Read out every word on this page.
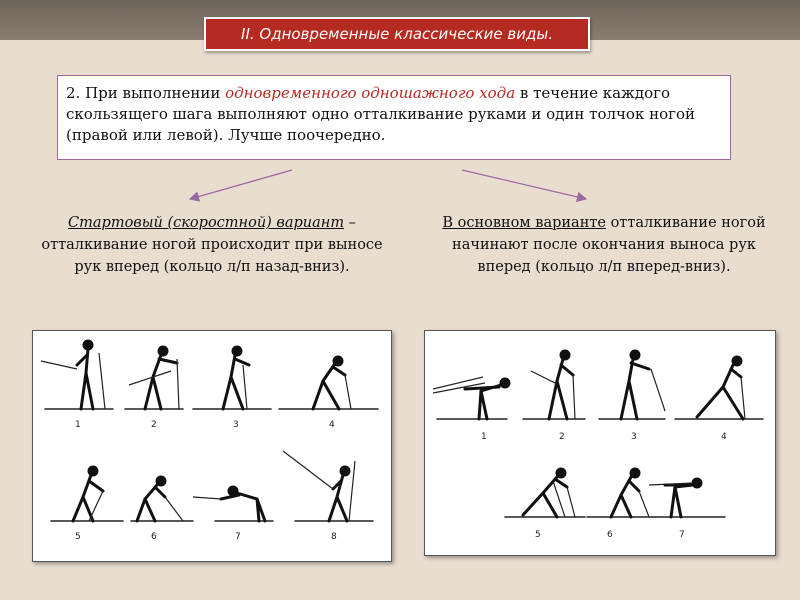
II. Одновременные классические виды.
2. При выполнении одновременного одношажного хода в течение каждого скользящего шага выполняют одно отталкивание руками и один толчок ногой (правой или левой). Лучше поочередно.
Стартовый (скоростной) вариант – отталкивание ногой происходит при выносе рук вперед (кольцо л/п назад-вниз).
В основном варианте отталкивание ногой начинают после окончания выноса рук вперед (кольцо л/п вперед-вниз).
1	2	3	4
5	6	7	8
1	2	3	4
5	6	7
